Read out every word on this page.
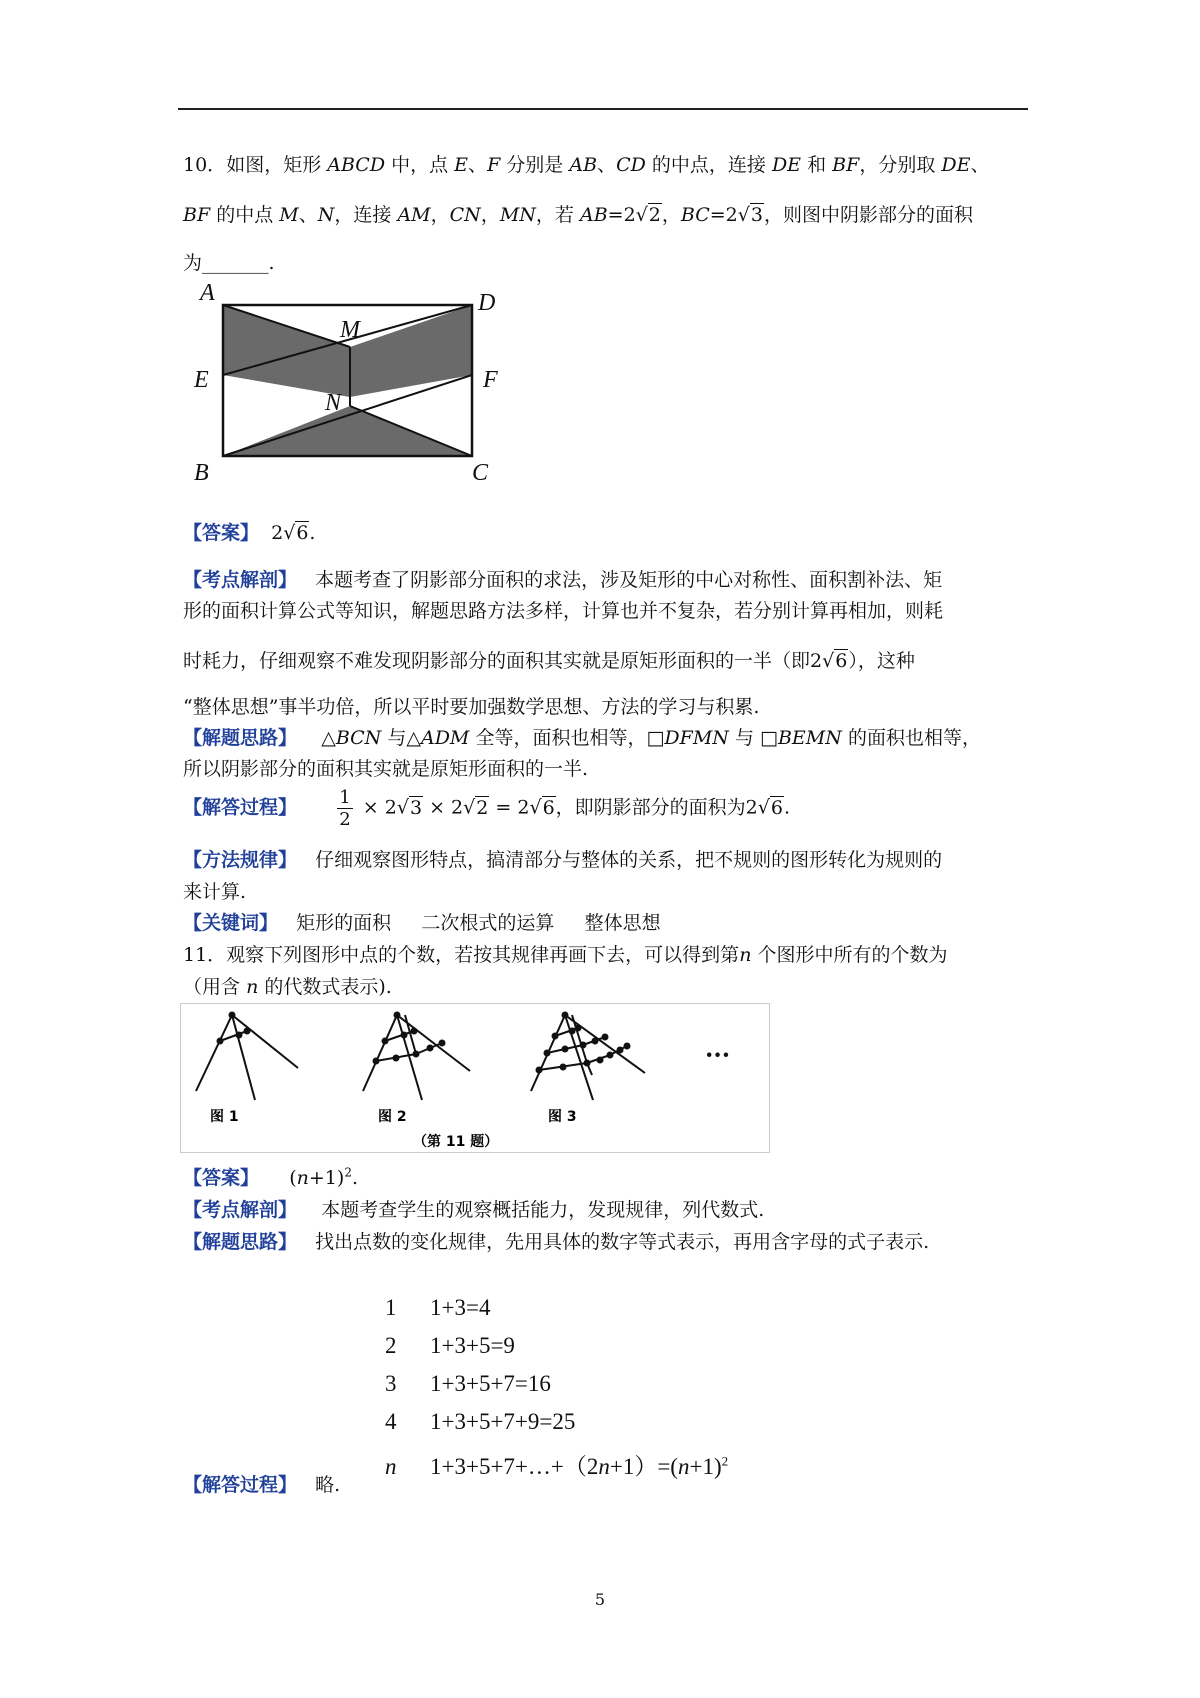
10．如图，矩形 ABCD 中，点 E、F 分别是 AB、CD 的中点，连接 DE 和 BF，分别取 DE、
BF 的中点 M、N，连接 AM，CN，MN，若 AB=2√2，BC=2√3，则图中阴影部分的面积
为_______.
A	D
M
E	F
N
B	C
【答案】 2√6.
【考点解剖】 本题考查了阴影部分面积的求法，涉及矩形的中心对称性、面积割补法、矩
形的面积计算公式等知识，解题思路方法多样，计算也并不复杂，若分别计算再相加，则耗
时耗力，仔细观察不难发现阴影部分的面积其实就是原矩形面积的一半（即2√6），这种
“整体思想”事半功倍，所以平时要加强数学思想、方法的学习与积累.
【解题思路】 △BCN 与△ADM 全等，面积也相等，□DFMN 与 □BEMN 的面积也相等，
所以阴影部分的面积其实就是原矩形面积的一半.
【解答过程】 $\frac{1}{2} \times 2√3 \times 2√2 = 2√6$，即阴影部分的面积为2√6.
【方法规律】 仔细观察图形特点，搞清部分与整体的关系，把不规则的图形转化为规则的
来计算.
【关键词】 矩形的面积 二次根式的运算 整体思想
11．观察下列图形中点的个数，若按其规律再画下去，可以得到第n 个图形中所有的个数为
（用含 n 的代数式表示).
···
图 1	图 2	图 3
（第 11 题）
【答案】 $(n+1)^2$.
【考点解剖】 本题考查学生的观察概括能力，发现规律，列代数式.
【解题思路】 找出点数的变化规律，先用具体的数字等式表示，再用含字母的式子表示.
1 1+3=4
2 1+3+5=9
3 1+3+5+7=16
4 1+3+5+7+9=25
n $1+3+5+7+\dots+(2n+1)=(n+1)^2$
【解答过程】 略.
5
